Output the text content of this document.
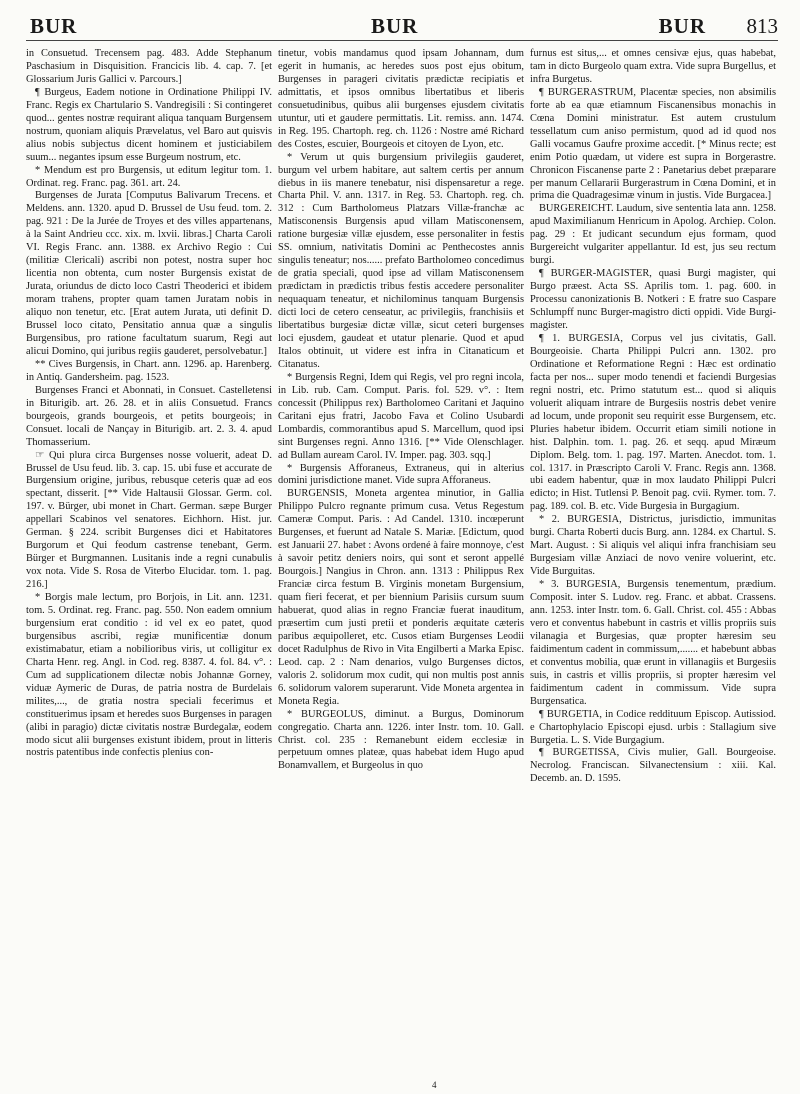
BUR	BUR	BUR 813

in Consuetud. Trecensem pag. 483. Adde Stephanum Paschasium in Disquisition. Francicis lib. 4. cap. 7. [et Glossarium Juris Gallici v. Parcours.]

¶ Burgeus, Eadem notione in Ordinatione Philippi IV. Franc. Regis ex Chartulario S. Vandregisili : Si contingeret quod... gentes nostræ requirant aliqua tanquam Burgensem nostrum, quoniam aliquis Prævelatus, vel Baro aut quisvis alius nobis subjectus dicent hominem et justiciabilem suum... negantes ipsum esse Burgeum nostrum, etc.

* Mendum est pro Burgensis, ut editum legitur tom. 1. Ordinat. reg. Franc. pag. 361. art. 24.

Burgenses de Jurata [Computus Balivarum Trecens. et Meldens. ann. 1320. apud D. Brussel de Usu feud. tom. 2. pag. 921 : De la Jurée de Troyes et des villes appartenans, à la Saint Andrieu ccc. xix. m. lxvii. libras.] Charta Caroli VI. Regis Franc. ann. 1388. ex Archivo Regio : Cui (militiæ Clericali) ascribi non potest, nostra super hoc licentia non obtenta, cum noster Burgensis existat de Jurata, oriundus de dicto loco Castri Theoderici et ibidem moram trahens, propter quam tamen Juratam nobis in aliquo non tenetur, etc. [Erat autem Jurata, uti definit D. Brussel loco citato, Pensitatio annua quæ a singulis Burgensibus, pro ratione facultatum suarum, Regi aut alicui Domino, qui juribus regiis gauderet, persolvebatur.]

** Cives Burgensis, in Chart. ann. 1296. ap. Harenberg. in Antiq. Gandersheim. pag. 1523.

Burgenses Franci et Abonnati, in Consuet. Castelletensi in Biturigib. art. 26. 28. et in aliis Consuetud. Francs bourgeois, grands bourgeois, et petits bourgeois; in Consuet. locali de Nançay in Biturigib. art. 2. 3. 4. apud Thomasserium.

☞ Qui plura circa Burgenses nosse voluerit, adeat D. Brussel de Usu feud. lib. 3. cap. 15. ubi fuse et accurate de Burgensium origine, juribus, rebusque ceteris quæ ad eos spectant, disserit. [** Vide Haltausii Glossar. Germ. col. 197. v. Bürger, ubi monet in Chart. German. sæpe Burger appellari Scabinos vel senatores. Eichhorn. Hist. jur. German. § 224. scribit Burgenses dici et Habitatores Burgorum et Qui feodum castrense tenebant, Germ. Bürger et Burgmannen. Lusitanis inde a regni cunabulis vox nota. Vide S. Rosa de Viterbo Elucidar. tom. 1. pag. 216.]

* Borgis male lectum, pro Borjois, in Lit. ann. 1231. tom. 5. Ordinat. reg. Franc. pag. 550. Non eadem omnium burgensium erat conditio : id vel ex eo patet, quod burgensibus ascribi, regiæ munificentiæ donum existimabatur, etiam a nobilioribus viris, ut colligitur ex Charta Henr. reg. Angl. in Cod. reg. 8387. 4. fol. 84. v°. : Cum ad supplicationem dilectæ nobis Johannæ Gorney, viduæ Aymeric de Duras, de patria nostra de Burdelais milites,..., de gratia nostra speciali fecerimus et constituerimus ipsam et heredes suos Burgenses in paragen (alibi in paragio) dictæ civitatis nostræ Burdegalæ, eodem modo sicut alii burgenses existunt ibidem, prout in litteris nostris patentibus inde confectis plenius con-

tinetur, vobis mandamus quod ipsam Johannam, dum egerit in humanis, ac heredes suos post ejus obitum, Burgenses in parageri civitatis prædictæ recipiatis et admittatis, et ipsos omnibus libertatibus et liberis consuetudinibus, quibus alii burgenses ejusdem civitatis utuntur, uti et gaudere permittatis. Lit. remiss. ann. 1474. in Reg. 195. Chartoph. reg. ch. 1126 : Nostre amé Richard des Costes, escuier, Bourgeois et citoyen de Lyon, etc.

* Verum ut quis burgensium privilegiis gauderet, burgum vel urbem habitare, aut saltem certis per annum diebus in iis manere tenebatur, nisi dispensaretur a rege. Charta Phil. V. ann. 1317. in Reg. 53. Chartoph. reg. ch. 312 : Cum Bartholomeus Platzars Villæ-franchæ ac Matisconensis Burgensis apud villam Matisconensem, ratione burgesiæ villæ ejusdem, esse personaliter in festis SS. omnium, nativitatis Domini ac Penthecostes annis singulis teneatur; nos...... prefato Bartholomeo concedimus de gratia speciali, quod ipse ad villam Matisconensem prædictam in prædictis tribus festis accedere personaliter nequaquam teneatur, et nichilominus tanquam Burgensis dicti loci de cetero censeatur, ac privilegiis, franchisiis et libertatibus burgesiæ dictæ villæ, sicut ceteri burgenses loci ejusdem, gaudeat et utatur plenarie. Quod et apud Italos obtinuit, ut videre est infra in Citanaticum et Citanatus.

* Burgensis Regni, Idem qui Regis, vel pro regni incola, in Lib. rub. Cam. Comput. Paris. fol. 529. v°. : Item concessit (Philippus rex) Bartholomeo Caritani et Jaquino Caritani ejus fratri, Jacobo Fava et Colino Usubardi Lombardis, commorantibus apud S. Marcellum, quod ipsi sint Burgenses regni. Anno 1316. [** Vide Olenschlager. ad Bullam auream Carol. IV. Imper. pag. 303. sqq.]

* Burgensis Afforaneus, Extraneus, qui in alterius domini jurisdictione manet. Vide supra Afforaneus.

BURGENSIS, Moneta argentea minutior, in Gallia Philippo Pulcro regnante primum cusa. Vetus Regestum Cameræ Comput. Paris. : Ad Candel. 1310. incœperunt Burgenses, et fuerunt ad Natale S. Mariæ. [Edictum, quod est Januarii 27. habet : Avons ordené à faire monnoye, c'est à savoir petitz deniers noirs, qui sont et seront appellé Bourgois.] Nangius in Chron. ann. 1313 : Philippus Rex Franciæ circa festum B. Virginis monetam Burgensium, quam fieri fecerat, et per biennium Parisiis cursum suum habuerat, quod alias in regno Franciæ fuerat inauditum, præsertim cum justi pretii et ponderis æquitate cæteris paribus æquipolleret, etc. Cusos etiam Burgenses Leodii docet Radulphus de Rivo in Vita Engilberti a Marka Episc. Leod. cap. 2 : Nam denarios, vulgo Burgenses dictos, valoris 2. solidorum mox cudit, qui non multis post annis 6. solidorum valorem superarunt. Vide Moneta argentea in Moneta Regia.

* BURGEOLUS, diminut. a Burgus, Dominorum congregatio. Charta ann. 1226. inter Instr. tom. 10. Gall. Christ. col. 235 : Remanebunt eidem ecclesiæ in perpetuum omnes plateæ, quas habebat idem Hugo apud Bonamvallem, et Burgeolus in quo

furnus est situs,... et omnes censivæ ejus, quas habebat, tam in dicto Burgeolo quam extra. Vide supra Burgellus, et infra Burgetus.

¶ BURGERASTRUM, Placentæ species, non absimilis forte ab ea quæ etiamnum Fiscanensibus monachis in Cœna Domini ministratur. Est autem crustulum tessellatum cum aniso permistum, quod ad id quod nos Galli vocamus Gaufre proxime accedit. [* Minus recte; est enim Potio quædam, ut videre est supra in Borgerastre. Chronicon Fiscanense parte 2 : Panetarius debet præparare per manum Cellararii Burgerastrum in Cœna Domini, et in prima die Quadragesimæ vinum in justis. Vide Burgacea.]

BURGEREICHT. Laudum, sive sententia lata ann. 1258. apud Maximilianum Henricum in Apolog. Archiep. Colon. pag. 29 : Et judicant secundum ejus formam, quod Burgereicht vulgariter appellantur. Id est, jus seu rectum burgi.

¶ BURGER-MAGISTER, quasi Burgi magister, qui Burgo præest. Acta SS. Aprilis tom. 1. pag. 600. in Processu canonizationis B. Notkeri : E fratre suo Caspare Schlumpff nunc Burger-magistro dicti oppidi. Vide Burgi-magister.

¶ 1. BURGESIA, Corpus vel jus civitatis, Gall. Bourgeoisie. Charta Philippi Pulcri ann. 1302. pro Ordinatione et Reformatione Regni : Hæc est ordinatio facta per nos... super modo tenendi et faciendi Burgesias regni nostri, etc. Primo statutum est... quod si aliquis voluerit aliquam intrare de Burgesiis nostris debet venire ad locum, unde proponit seu requirit esse Burgensem, etc. Pluries habetur ibidem. Occurrit etiam simili notione in hist. Dalphin. tom. 1. pag. 26. et seqq. apud Miræum Diplom. Belg. tom. 1. pag. 197. Marten. Anecdot. tom. 1. col. 1317. in Præscripto Caroli V. Franc. Regis ann. 1368. ubi eadem habentur, quæ in mox laudato Philippi Pulcri edicto; in Hist. Tutlensi P. Benoit pag. cvii. Rymer. tom. 7. pag. 189. col. B. etc. Vide Burgesia in Burgagium.

* 2. BURGESIA, Districtus, jurisdictio, immunitas burgi. Charta Roberti ducis Burg. ann. 1284. ex Chartul. S. Mart. August. : Si aliquis vel aliqui infra franchisiam seu Burgesiam villæ Anziaci de novo venire voluerint, etc. Vide Burguitas.

* 3. BURGESIA, Burgensis tenementum, prædium. Composit. inter S. Ludov. reg. Franc. et abbat. Crassens. ann. 1253. inter Instr. tom. 6. Gall. Christ. col. 455 : Abbas vero et conventus habebunt in castris et villis propriis suis vilanagia et Burgesias, quæ propter hæresim seu faidimentum cadent in commissum,....... et habebunt abbas et conventus mobilia, quæ erunt in villanagiis et Burgesiis suis, in castris et villis propriis, si propter hæresim vel faidimentum cadent in commissum. Vide supra Burgensatica.

¶ BURGETIA, in Codice reddituum Episcop. Autissiod. e Chartophylacio Episcopi ejusd. urbis : Stallagium sive Burgetia. L. S. Vide Burgagium.

¶ BURGETISSA, Civis mulier, Gall. Bourgeoise. Necrolog. Franciscan. Silvanectensium : xiii. Kal. Decemb. an. D. 1595.

4
